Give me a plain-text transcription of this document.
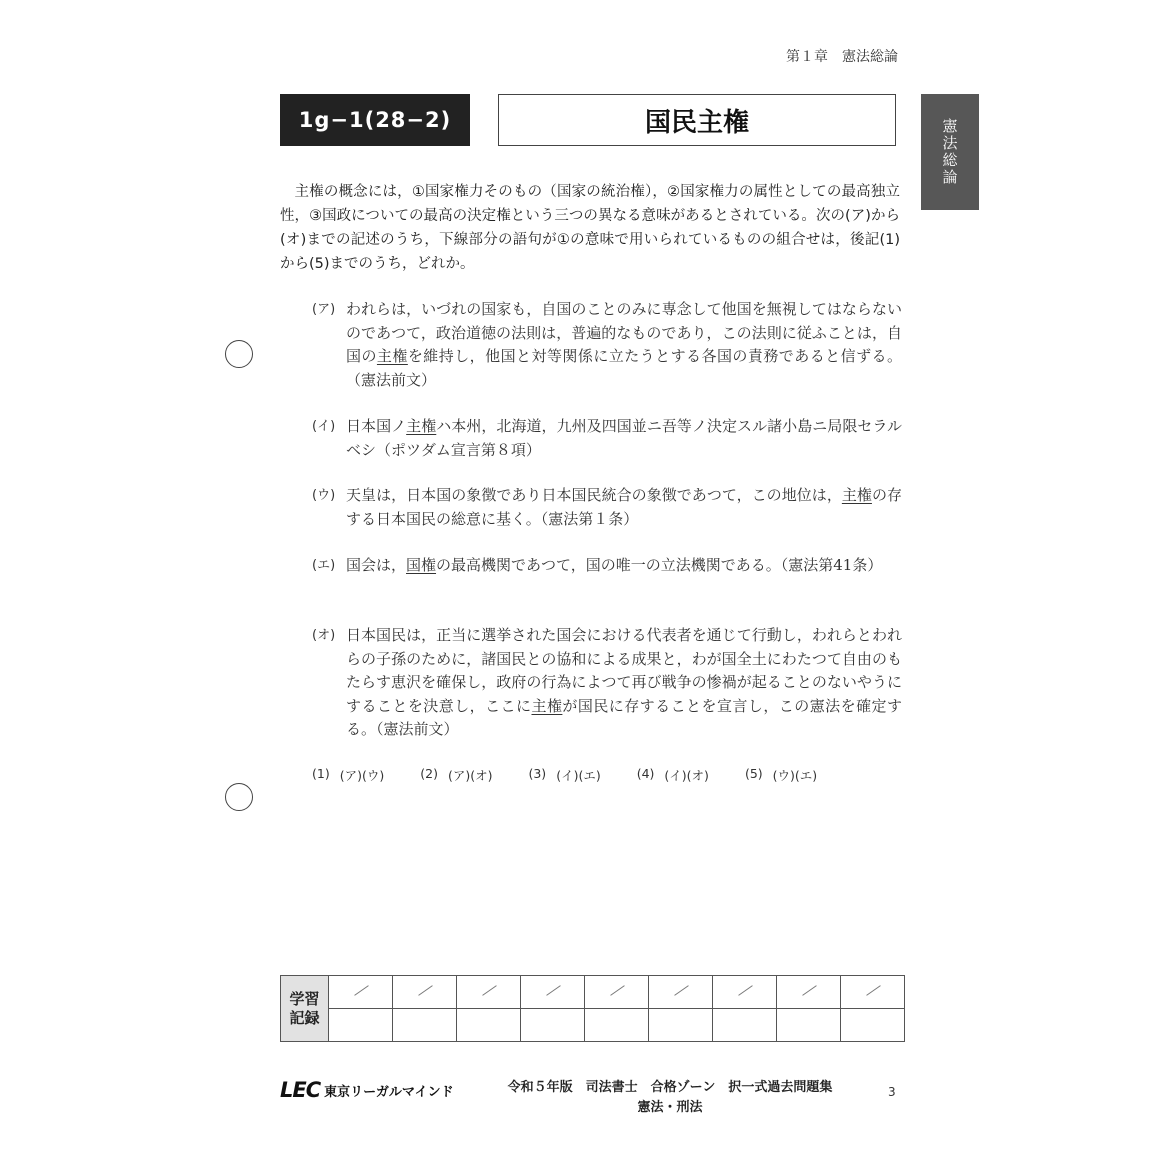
第１章　憲法総論
1g−1(28−2)	国民主権	憲法総論
主権の概念には，①国家権力そのもの（国家の統治権），②国家権力の属性としての最高独立性，③国政についての最高の決定権という三つの異なる意味があるとされている。次の(ア)から(オ)までの記述のうち，下線部分の語句が①の意味で用いられているものの組合せは，後記(1)から(5)までのうち，どれか。
(ア) われらは，いづれの国家も，自国のことのみに専念して他国を無視してはならないのであつて，政治道徳の法則は，普遍的なものであり，この法則に従ふことは，自国の主権を維持し，他国と対等関係に立たうとする各国の責務であると信ずる。（憲法前文）
(イ) 日本国ノ主権ハ本州，北海道，九州及四国並ニ吾等ノ決定スル諸小島ニ局限セラルベシ（ポツダム宣言第８項）
(ウ) 天皇は，日本国の象徴であり日本国民統合の象徴であつて，この地位は，主権の存する日本国民の総意に基く。（憲法第１条）
(エ) 国会は，国権の最高機関であつて，国の唯一の立法機関である。（憲法第41条）
(オ) 日本国民は，正当に選挙された国会における代表者を通じて行動し，われらとわれらの子孫のために，諸国民との協和による成果と，わが国全土にわたつて自由のもたらす恵沢を確保し，政府の行為によつて再び戦争の惨禍が起ることのないやうにすることを決意し，ここに主権が国民に存することを宣言し，この憲法を確定する。（憲法前文）
(1) (ア)(ウ)	(2) (ア)(オ)	(3) (イ)(エ)	(4) (イ)(オ)	(5) (ウ)(エ)
学習
記録									

LEC 東京リーガルマインド	令和５年版　司法書士　合格ゾーン　択一式過去問題集
憲法・刑法
3
